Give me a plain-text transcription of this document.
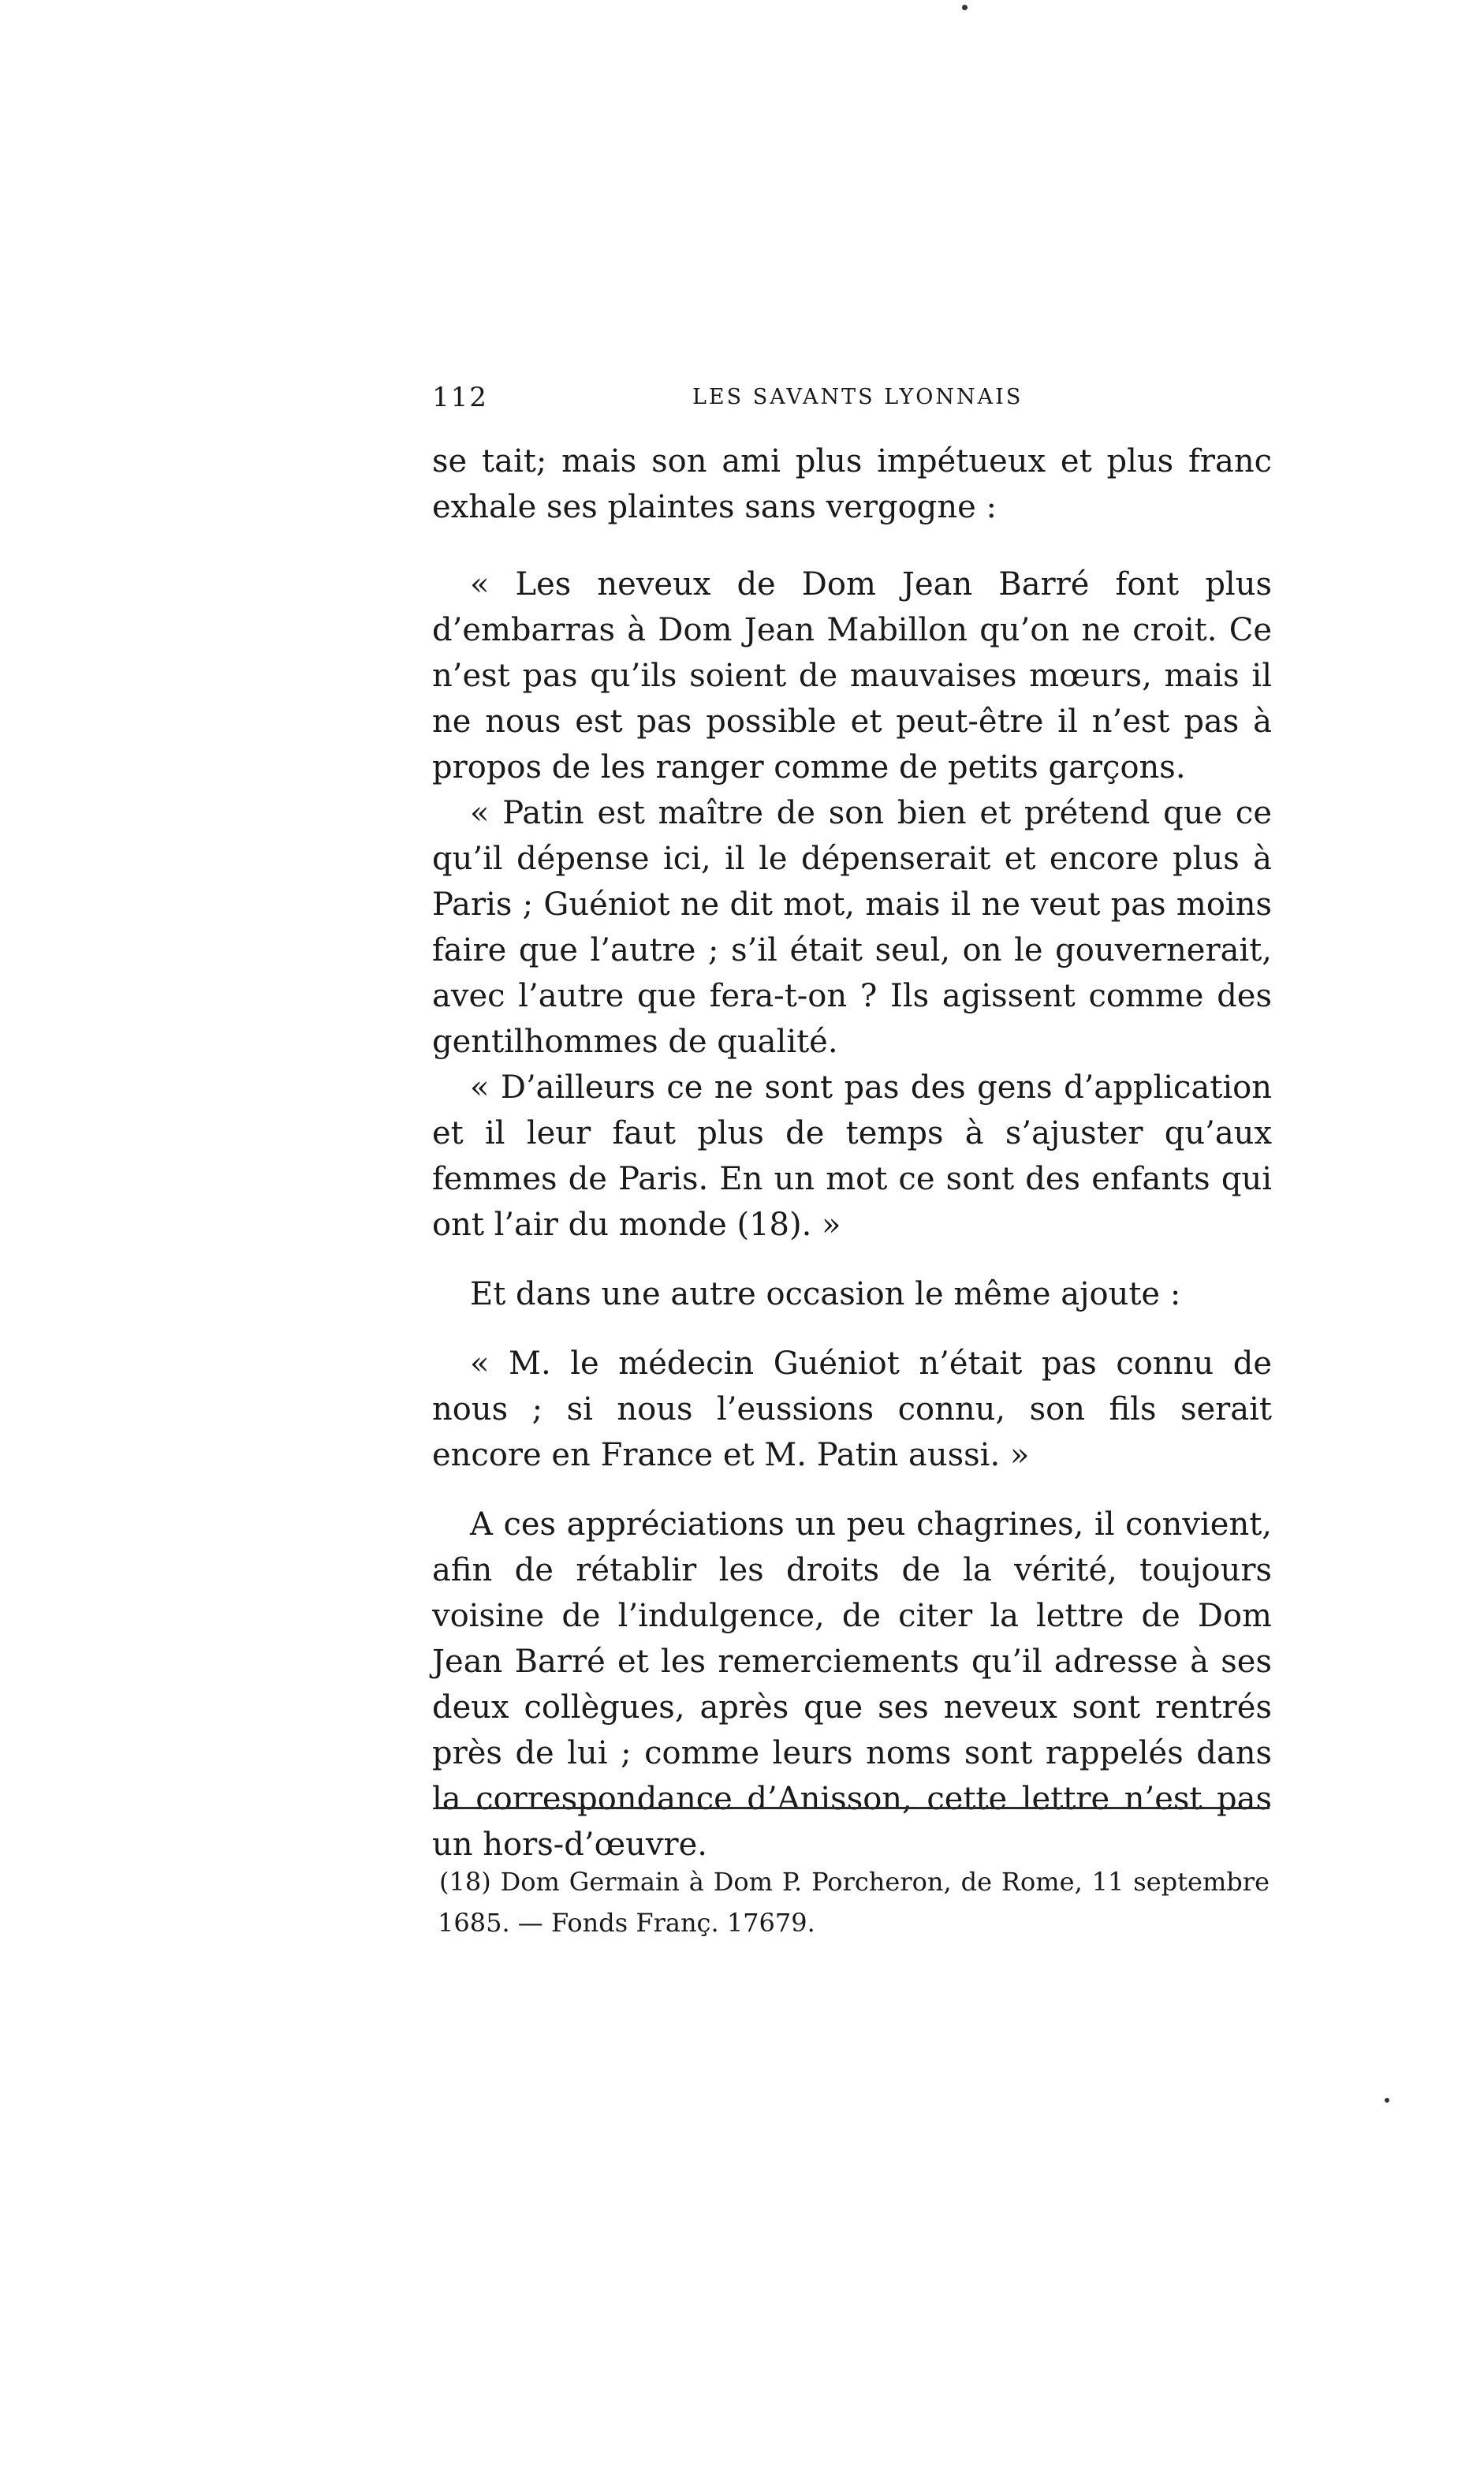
112	LES SAVANTS LYONNAIS

se tait; mais son ami plus impétueux et plus franc exhale ses plaintes sans vergogne :

« Les neveux de Dom Jean Barré font plus d’embarras à Dom Jean Mabillon qu’on ne croit. Ce n’est pas qu’ils soient de mauvaises mœurs, mais il ne nous est pas possible et peut-être il n’est pas à propos de les ranger comme de petits garçons.

« Patin est maître de son bien et prétend que ce qu’il dépense ici, il le dépenserait et encore plus à Paris ; Guéniot ne dit mot, mais il ne veut pas moins faire que l’autre ; s’il était seul, on le gouvernerait, avec l’autre que fera-t-on ? Ils agissent comme des gentilhommes de qualité.

« D’ailleurs ce ne sont pas des gens d’application et il leur faut plus de temps à s’ajuster qu’aux femmes de Paris. En un mot ce sont des enfants qui ont l’air du monde (18). »

Et dans une autre occasion le même ajoute :

« M. le médecin Guéniot n’était pas connu de nous ; si nous l’eussions connu, son fils serait encore en France et M. Patin aussi. »

A ces appréciations un peu chagrines, il convient, afin de rétablir les droits de la vérité, toujours voisine de l’indulgence, de citer la lettre de Dom Jean Barré et les remerciements qu’il adresse à ses deux collègues, après que ses neveux sont rentrés près de lui ; comme leurs noms sont rappelés dans la correspondance d’Anisson, cette lettre n’est pas un hors-d’œuvre.

(18) Dom Germain à Dom P. Porcheron, de Rome, 11 septembre 1685. — Fonds Franç. 17679.
